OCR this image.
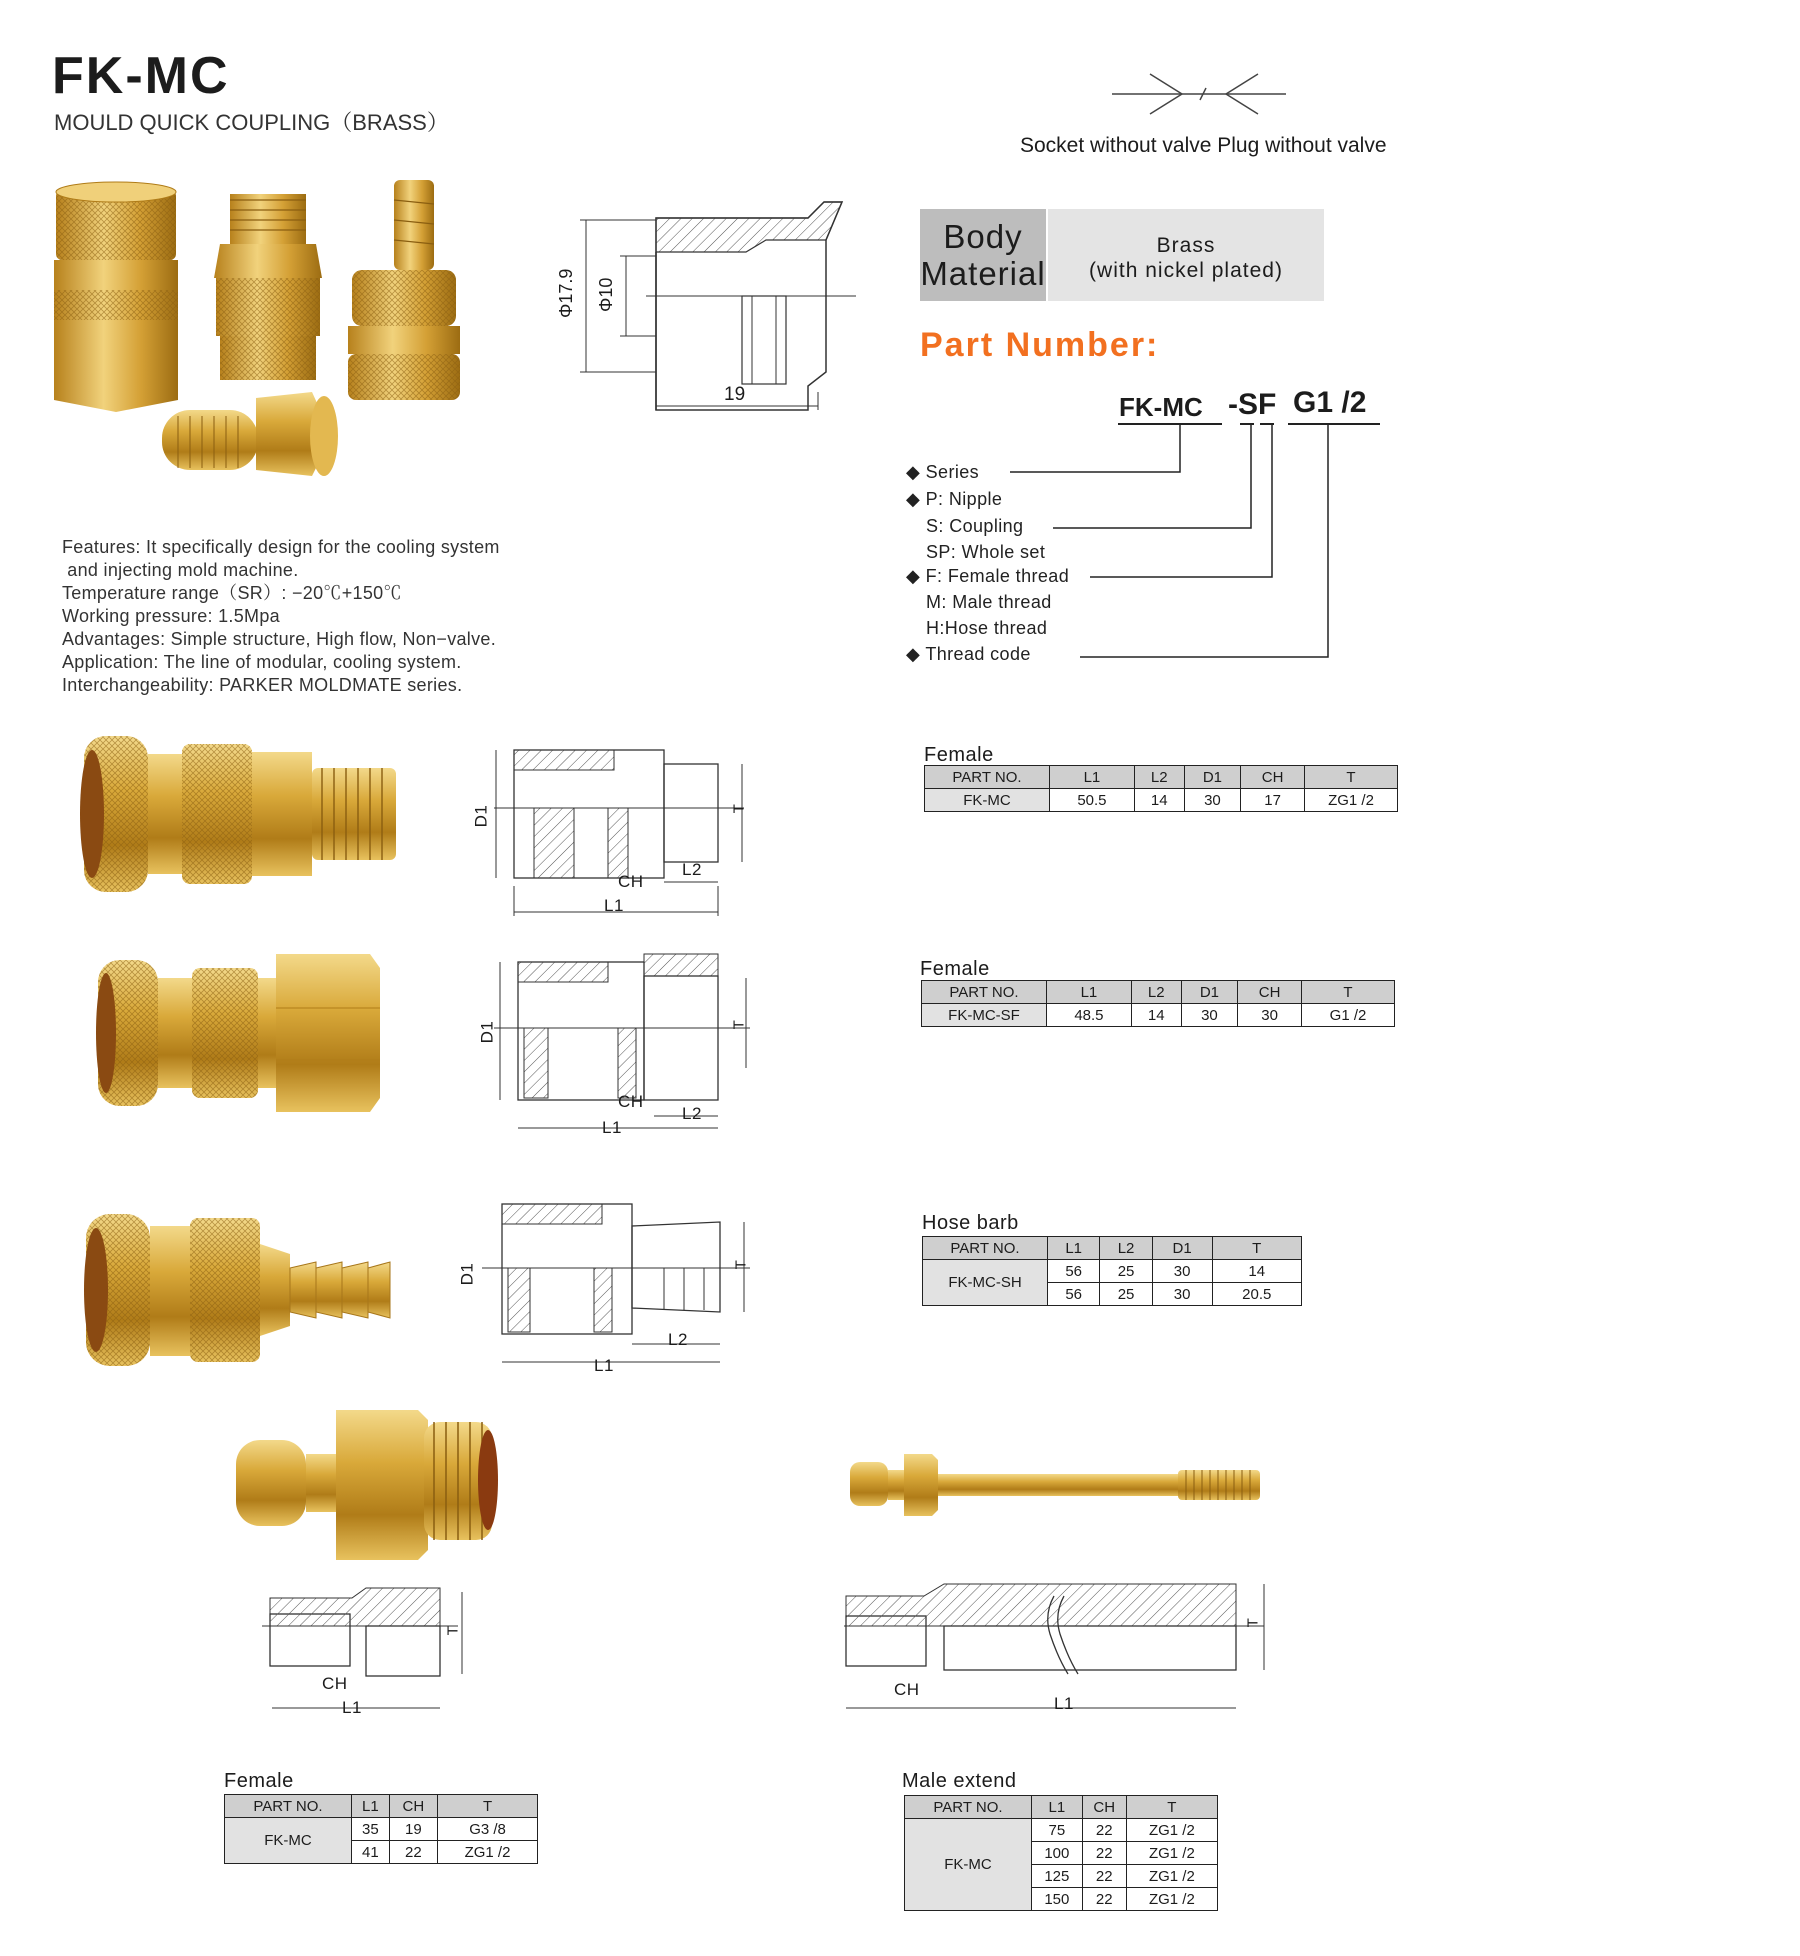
FK-MC
MOULD QUICK COUPLING（BRASS）
Socket without valve Plug without valve
Φ17.9 Φ10
19
Body
Material
Brass
(with nickel plated)
Part Number:
FK-MC -SF G1 /2
◆ Series
◆ P: Nipple
S: Coupling
SP: Whole set
◆ F: Female thread
M: Male thread
H:Hose thread
◆ Thread code
Features: It specifically design for the cooling system
and injecting mold machine.
Temperature range（SR）: −20℃+150℃
Working pressure: 1.5Mpa
Advantages: Simple structure, High flow, Non−valve.
Application: The line of modular, cooling system.
Interchangeability: PARKER MOLDMATE series.
D1	T
CH
L2
L1
D1	T
CH
L2
L1
D1	T
L2
L1
T
CH
L1
T
CH
L1
Female
PART NO.	L1	L2	D1	CH	T
FK-MC	50.5	14	30	17	ZG1 /2
Female
PART NO.	L1	L2	D1	CH	T
FK-MC-SF	48.5	14	30	30	G1 /2
Hose barb
PART NO.	L1	L2	D1	T
FK-MC-SH	56	25	30	14
	56	25	30	20.5
Female
PART NO.	L1	CH	T
FK-MC	35	19	G3 /8
	41	22	ZG1 /2
Male extend
PART NO.	L1	CH	T
FK-MC	75	22	ZG1 /2
	100	22	ZG1 /2
	125	22	ZG1 /2
	150	22	ZG1 /2
